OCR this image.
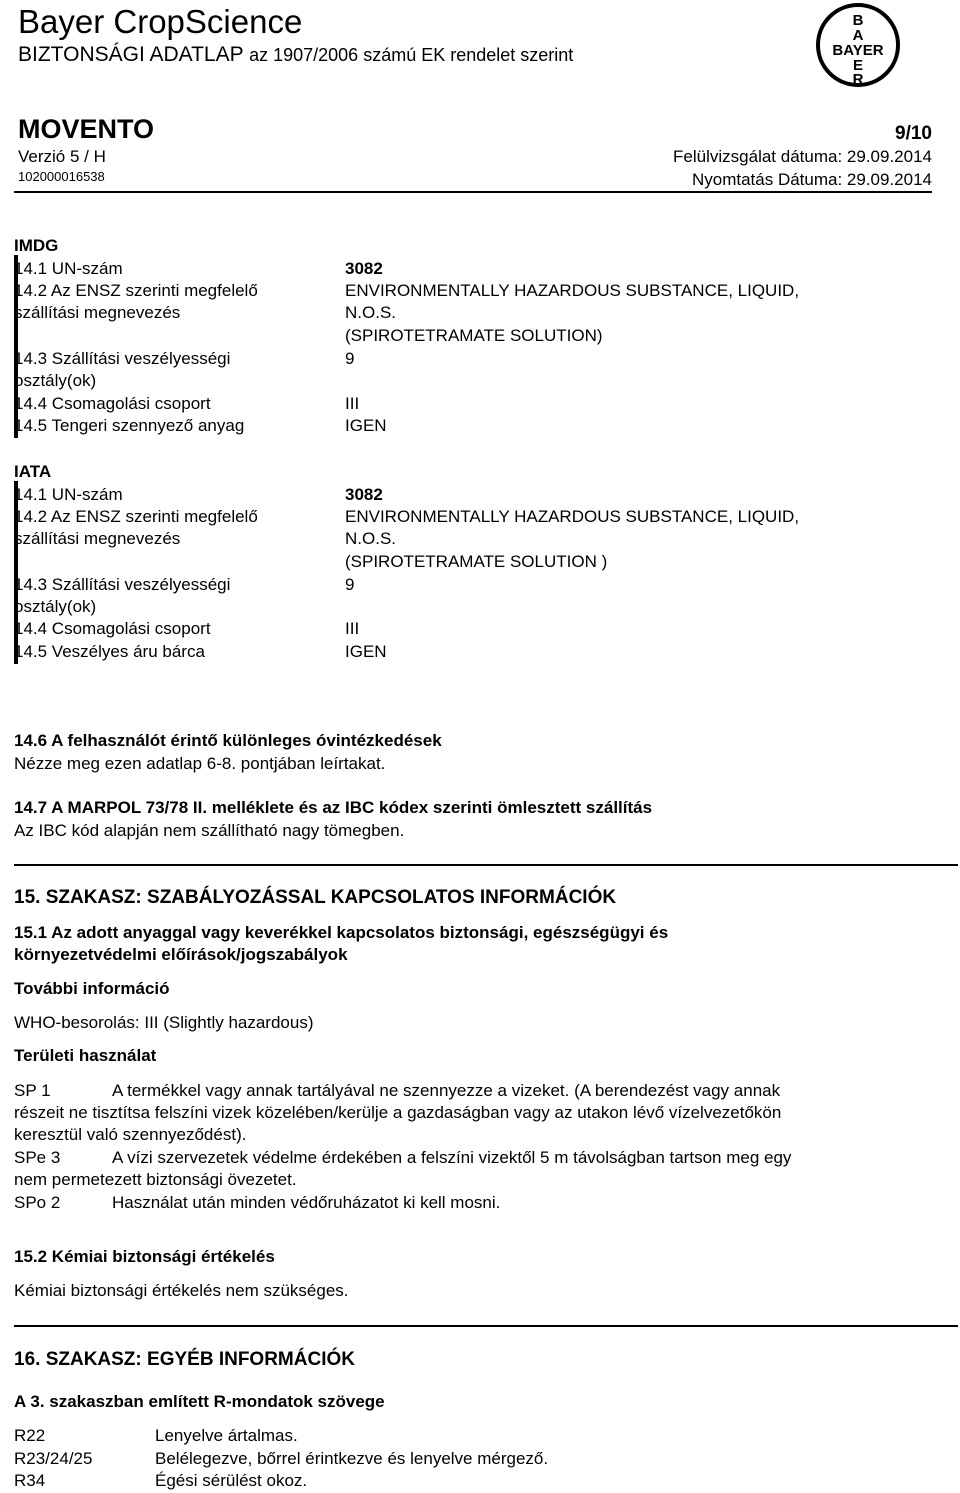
Bayer CropScience
BIZTONSÁGI ADATLAP az 1907/2006 számú EK rendelet szerint
B
A
BAYER
E
R
MOVENTO	9/10
Verzió 5 / H	Felülvizsgálat dátuma: 29.09.2014
102000016538	Nyomtatás Dátuma: 29.09.2014
IMDG
14.1 UN-szám	3082
14.2 Az ENSZ szerinti megfelelő	ENVIRONMENTALLY HAZARDOUS SUBSTANCE, LIQUID,
szállítási megnevezés	N.O.S.
(SPIROTETRAMATE SOLUTION)
14.3 Szállítási veszélyességi	9
osztály(ok)
14.4 Csomagolási csoport	III
14.5 Tengeri szennyező anyag	IGEN
IATA
14.1 UN-szám	3082
14.2 Az ENSZ szerinti megfelelő	ENVIRONMENTALLY HAZARDOUS SUBSTANCE, LIQUID,
szállítási megnevezés	N.O.S.
(SPIROTETRAMATE SOLUTION )
14.3 Szállítási veszélyességi	9
osztály(ok)
14.4 Csomagolási csoport	III
14.5 Veszélyes áru bárca	IGEN
14.6 A felhasználót érintő különleges óvintézkedések
Nézze meg ezen adatlap 6-8. pontjában leírtakat.
14.7 A MARPOL 73/78 II. melléklete és az IBC kódex szerinti ömlesztett szállítás
Az IBC kód alapján nem szállítható nagy tömegben.
15. SZAKASZ: SZABÁLYOZÁSSAL KAPCSOLATOS INFORMÁCIÓK
15.1 Az adott anyaggal vagy keverékkel kapcsolatos biztonsági, egészségügyi és
környezetvédelmi előírások/jogszabályok
További információ
WHO-besorolás: III (Slightly hazardous)
Területi használat
SP 1	A termékkel vagy annak tartályával ne szennyezze a vizeket. (A berendezést vagy annak
részeit ne tisztítsa felszíni vizek közelében/kerülje a gazdaságban vagy az utakon lévő vízelvezetőkön
keresztül való szennyeződést).
SPe 3	A vízi szervezetek védelme érdekében a felszíni vizektől 5 m távolságban tartson meg egy
nem permetezett biztonsági övezetet.
SPo 2	Használat után minden védőruházatot ki kell mosni.
15.2 Kémiai biztonsági értékelés
Kémiai biztonsági értékelés nem szükséges.
16. SZAKASZ: EGYÉB INFORMÁCIÓK
A 3. szakaszban említett R-mondatok szövege
R22	Lenyelve ártalmas.
R23/24/25	Belélegezve, bőrrel érintkezve és lenyelve mérgező.
R34	Égési sérülést okoz.
